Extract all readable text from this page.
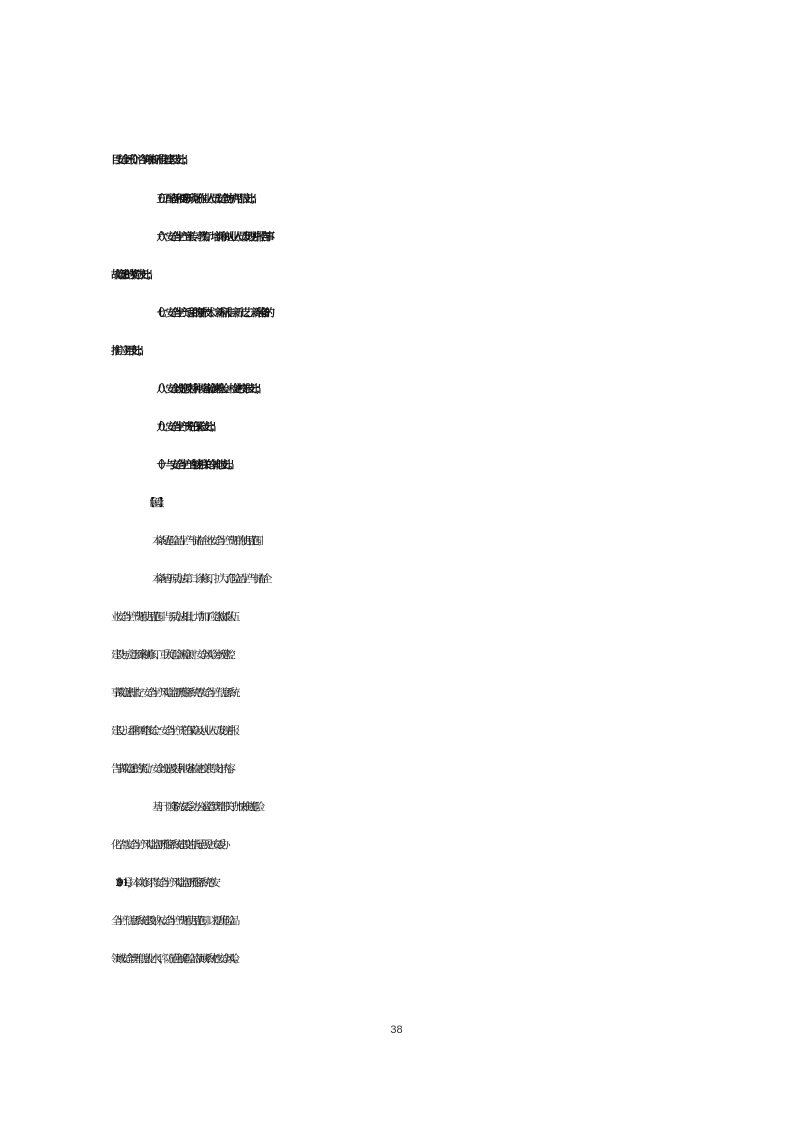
目安全评价）、咨询和标准化建设支出；
（五）配备和更新现场作业人员安全防护用品支出；
（六）安全生产宣传、教育、培训和从业人员发现并报告事
故隐患的奖励支出；
（七）安全生产适用的新技术、新标准、新工艺、新装备的
推广应用支出；
（八）安全设施及特种设备检测检验、检定校准支出；
（九）安全生产责任保险支出；
（十）与安全生产直接相关的其他支出。
【解读】
本条是危险品生产与储存企业安全生产费用的使用范围。
本条基于原办法第二十条修订，扩大了危险品生产与储存企
业安全生产费用使用范围。与原办法相比，增加了应急救援队伍
建设与应急预案制修订、重大危险源检测、安全风险分级管控、
事故隐患排查、安全生产风险监测预警系统等安全生产信息系统
建设、运维和网络安全、安全生产责任保险及从业人员发现并报
告事故隐患的奖励、安全设施及特种设备检定校准等支出内容。
基于《国务院安委会办公室 应急管理部关于加快推进危险
化学品安全生产风险监测预警系统建设的指导意见》（安委办
〔2019〕11号），本次修订将安全生产风险监测预警系统等安
全生产信息系统建设纳入安全生产费用使用范围，以提升危险品
领域安全管理信息化水平，防范化解危险品领域系统性安全风险。
38
